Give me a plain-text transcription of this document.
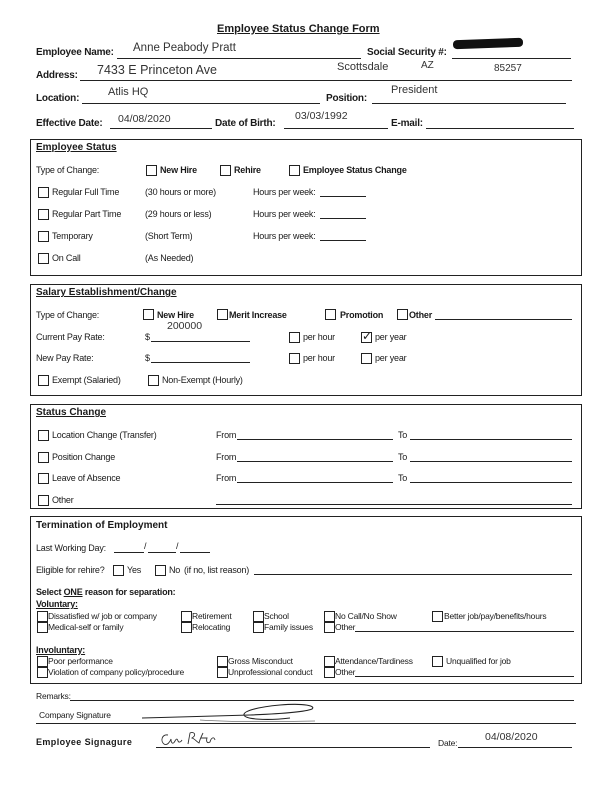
Employee Status Change Form
Employee Name: Anne Peabody Pratt	Social Security #:
Address: 7433 E Princeton Ave	Scottsdale	AZ	85257
Location:
Atlis HQ
Position:
President
Effective Date: 04/08/2020	Date of Birth:
03/03/1992
E-mail:
Employee Status
Type of Change:	New Hire	Rehire	Employee Status Change
Regular Full Time	(30 hours or more)	Hours per week:
Regular Part Time	(29 hours or less)	Hours per week:
Temporary	(Short Term)	Hours per week:
On Call	(As Needed)
Salary Establishment/Change
Type of Change:	New Hire	Merit Increase	Promotion	Other
Current Pay Rate:	$
200000
per hour
✓	per year
New Pay Rate:	$	per hour	per year
Exempt (Salaried)	Non-Exempt (Hourly)
Status Change
Location Change (Transfer)	From	To
Position Change	From	To
Leave of Absence	From	To
Other
Termination of Employment
Last Working Day:	/	/
Eligible for rehire? Yes	No (if no, list reason)
Select ONE reason for separation:
Voluntary:
Dissatisfied w/ job or company	Retirement	School	No Call/No Show	Better job/pay/benefits/hours
Medical-self or family	Relocating	Family issues	Other
Involuntary:
Poor performance	Gross Misconduct	Attendance/Tardiness	Unqualified for job
Violation of company policy/procedure	Unprofessional conduct	Other
Remarks:
Company Signature
Employee Signagure	Date:	04/08/2020
